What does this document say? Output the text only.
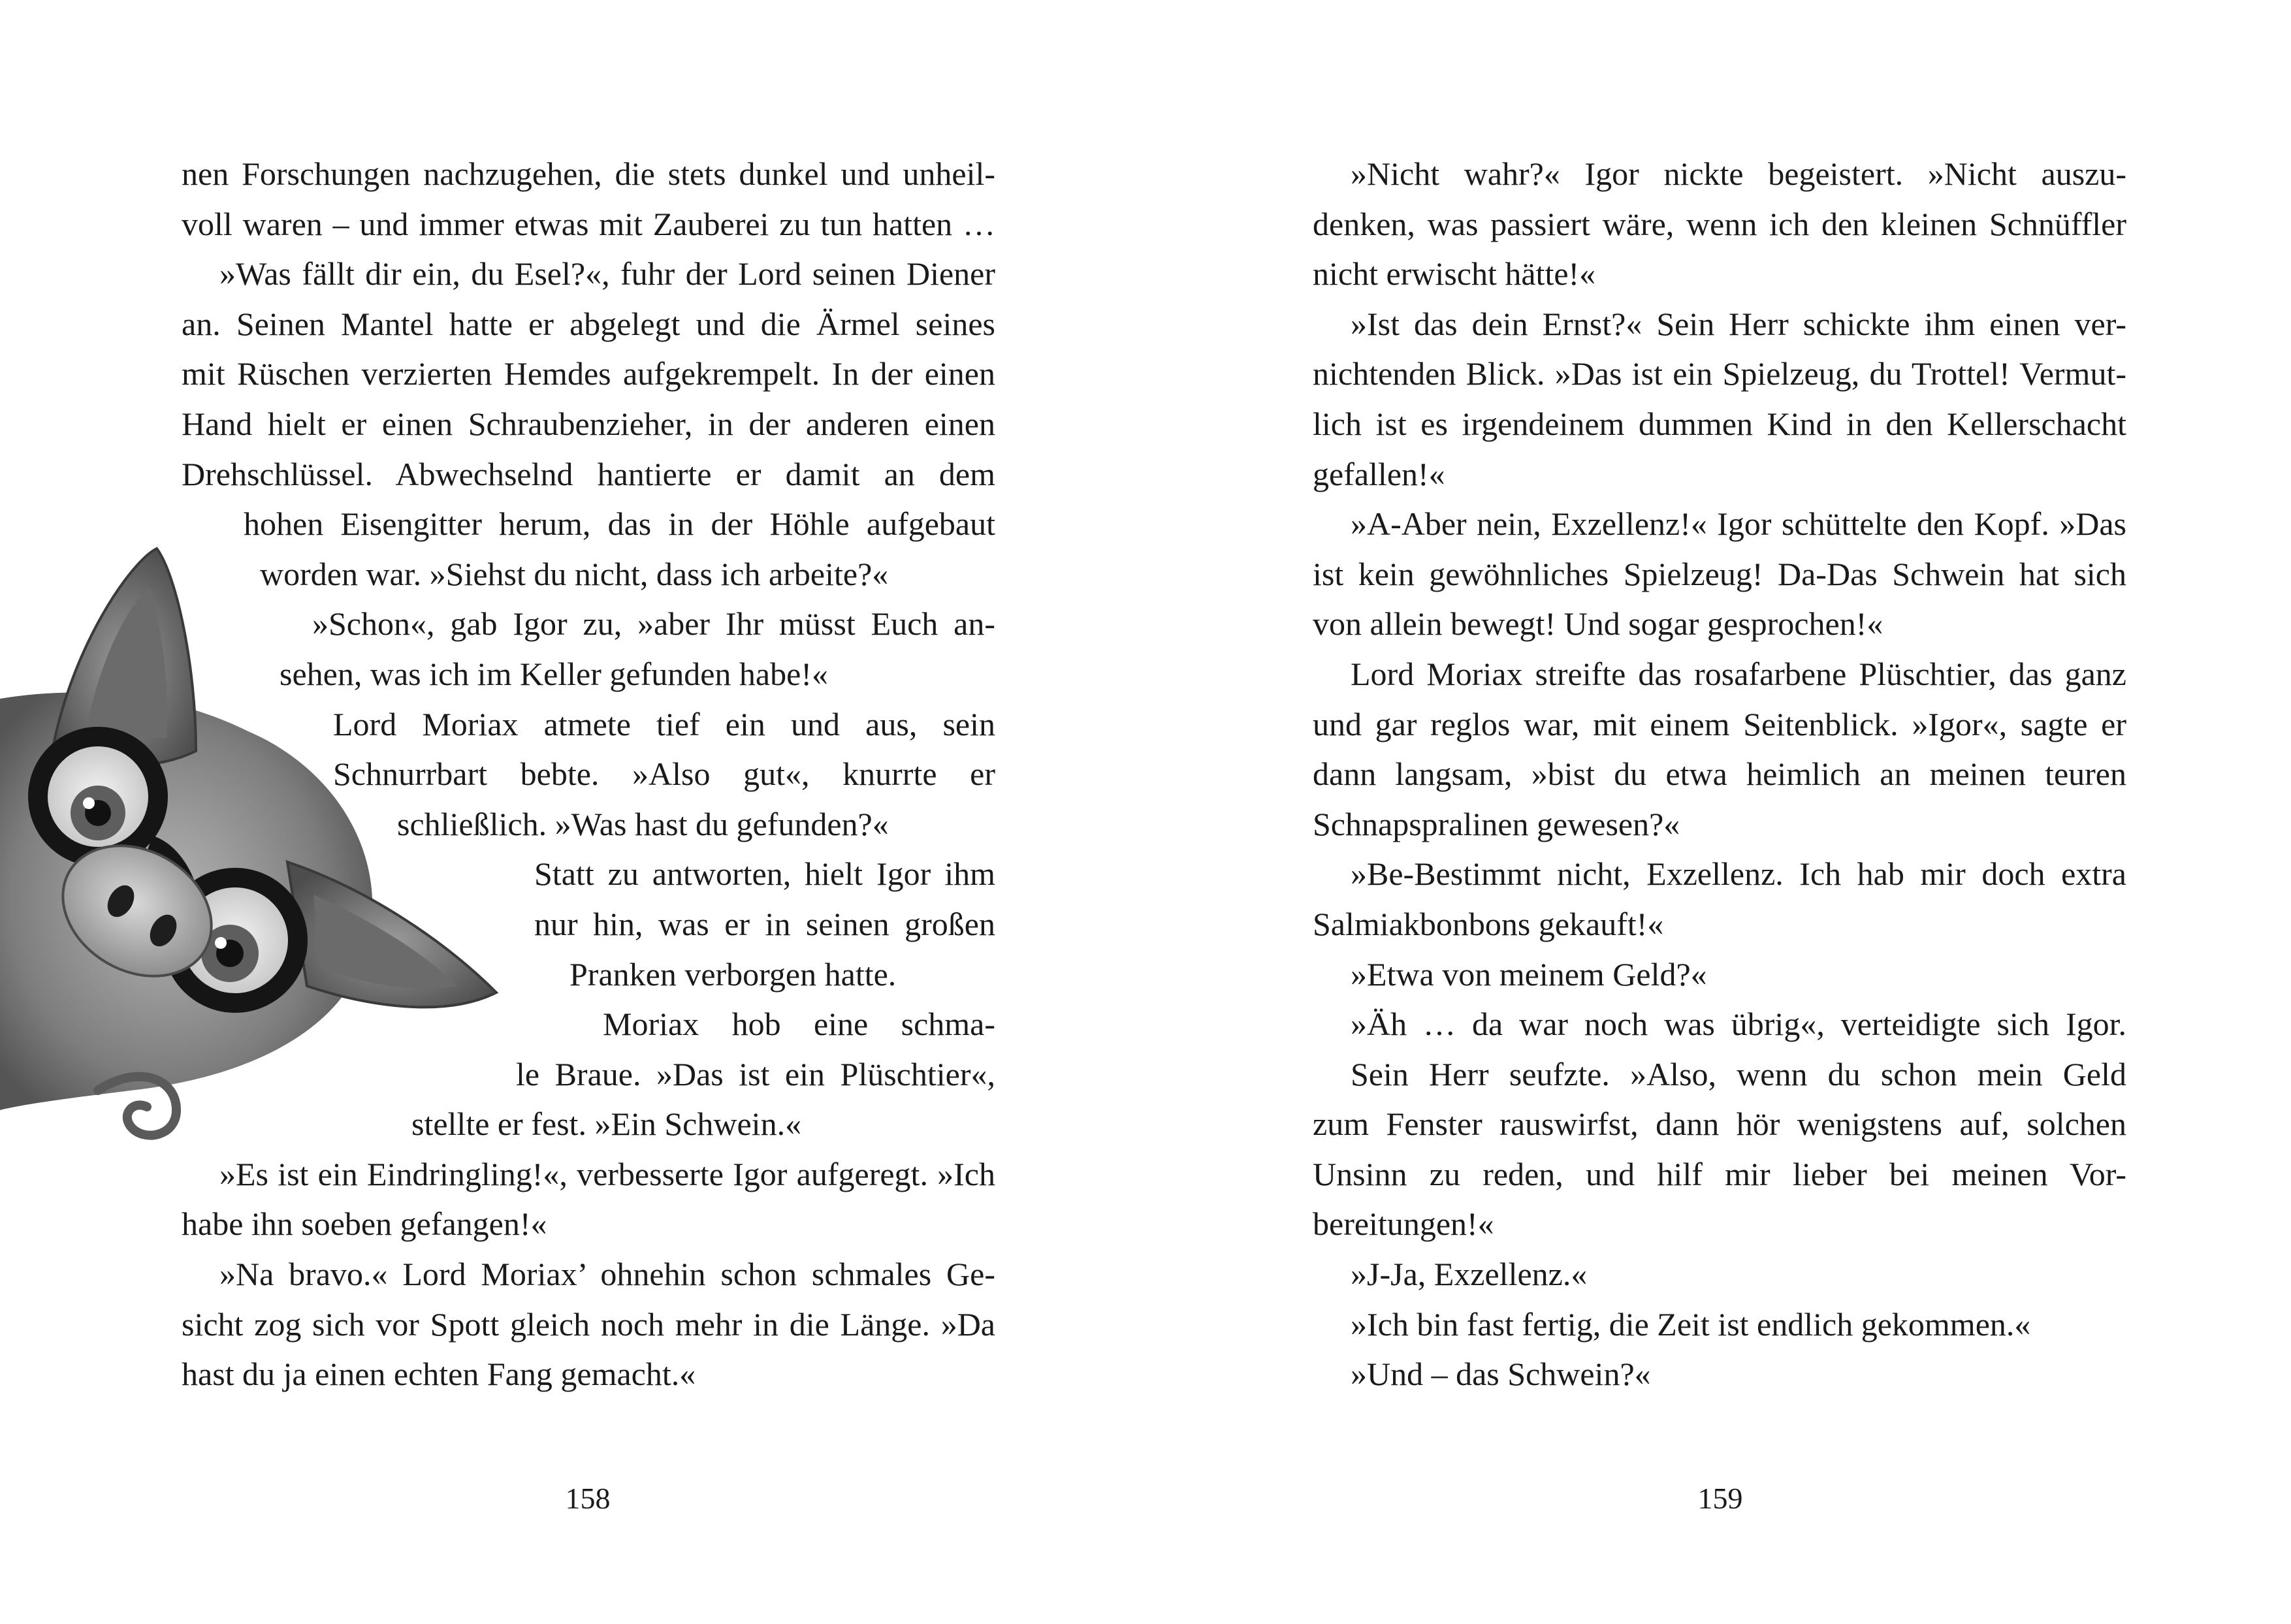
nen Forschungen nachzugehen, die stets dunkel und unheil-
voll waren – und immer etwas mit Zauberei zu tun hatten …
»Was fällt dir ein, du Esel?«, fuhr der Lord seinen Diener
an. Seinen Mantel hatte er abgelegt und die Ärmel seines
mit Rüschen verzierten Hemdes aufgekrempelt. In der einen
Hand hielt er einen Schraubenzieher, in der anderen einen
Drehschlüssel. Abwechselnd hantierte er damit an dem
hohen Eisengitter herum, das in der Höhle aufgebaut
worden war. »Siehst du nicht, dass ich arbeite?«
»Schon«, gab Igor zu, »aber Ihr müsst Euch an-
sehen, was ich im Keller gefunden habe!«
Lord Moriax atmete tief ein und aus, sein
Schnurrbart bebte. »Also gut«, knurrte er
schließlich. »Was hast du gefunden?«
Statt zu antworten, hielt Igor ihm
nur hin, was er in seinen großen
Pranken verborgen hatte.
Moriax hob eine schma-
le Braue. »Das ist ein Plüschtier«,
stellte er fest. »Ein Schwein.«
»Es ist ein Eindringling!«, verbesserte Igor aufgeregt. »Ich
habe ihn soeben gefangen!«
»Na bravo.« Lord Moriax’ ohnehin schon schmales Ge-
sicht zog sich vor Spott gleich noch mehr in die Länge. »Da
hast du ja einen echten Fang gemacht.«
158
»Nicht wahr?« Igor nickte begeistert. »Nicht auszu-
denken, was passiert wäre, wenn ich den kleinen Schnüffler
nicht erwischt hätte!«
»Ist das dein Ernst?« Sein Herr schickte ihm einen ver-
nichtenden Blick. »Das ist ein Spielzeug, du Trottel! Vermut-
lich ist es irgendeinem dummen Kind in den Kellerschacht
gefallen!«
»A-Aber nein, Exzellenz!« Igor schüttelte den Kopf. »Das
ist kein gewöhnliches Spielzeug! Da-Das Schwein hat sich
von allein bewegt! Und sogar gesprochen!«
Lord Moriax streifte das rosafarbene Plüschtier, das ganz
und gar reglos war, mit einem Seitenblick. »Igor«, sagte er
dann langsam, »bist du etwa heimlich an meinen teuren
Schnapspralinen gewesen?«
»Be-Bestimmt nicht, Exzellenz. Ich hab mir doch extra
Salmiakbonbons gekauft!«
»Etwa von meinem Geld?«
»Äh … da war noch was übrig«, verteidigte sich Igor.
Sein Herr seufzte. »Also, wenn du schon mein Geld
zum Fenster rauswirfst, dann hör wenigstens auf, solchen
Unsinn zu reden, und hilf mir lieber bei meinen Vor-
bereitungen!«
»J-Ja, Exzellenz.«
»Ich bin fast fertig, die Zeit ist endlich gekommen.«
»Und – das Schwein?«
159
